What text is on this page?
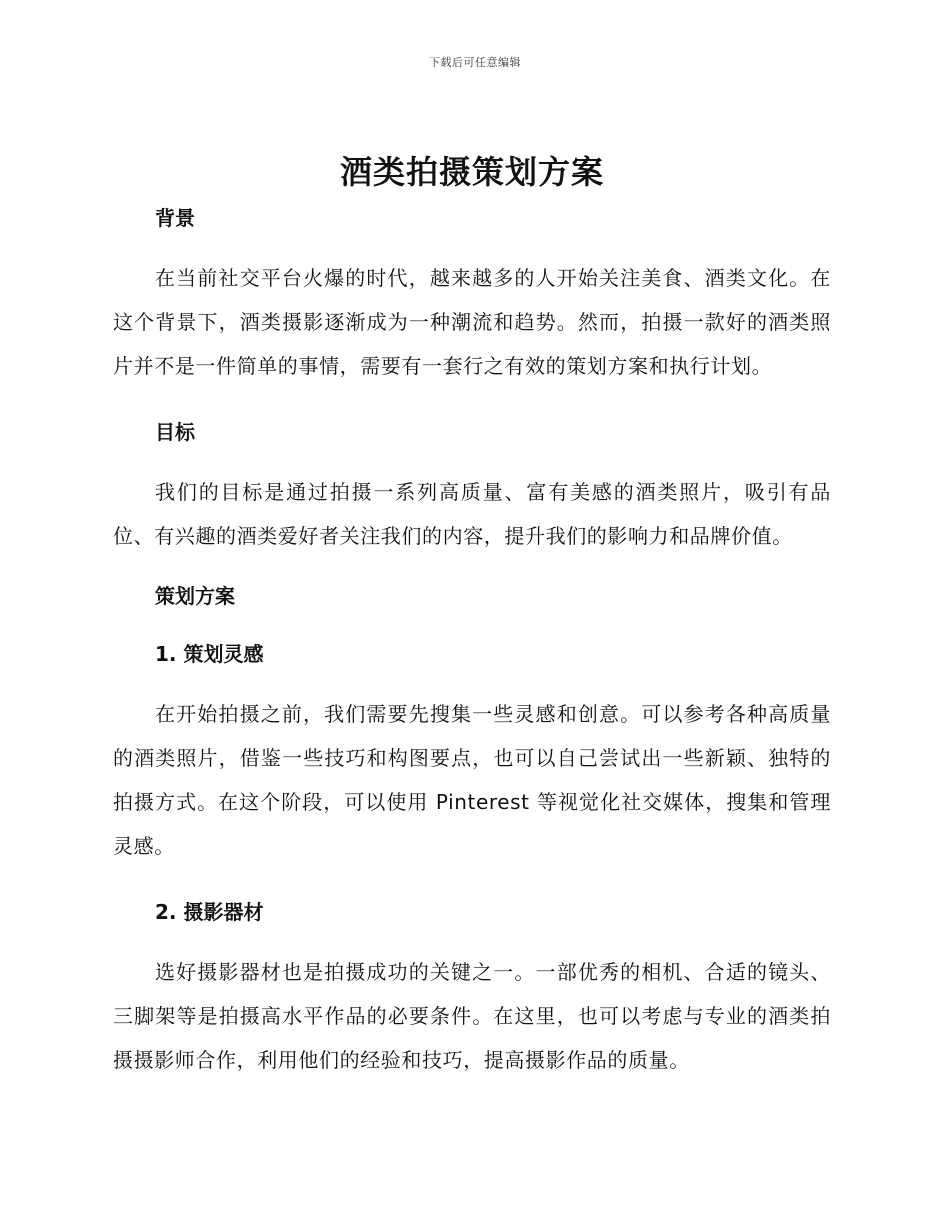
下载后可任意编辑
酒类拍摄策划方案

背景

在当前社交平台火爆的时代，越来越多的人开始关注美食、酒类文化。在这个背景下，酒类摄影逐渐成为一种潮流和趋势。然而，拍摄一款好的酒类照片并不是一件简单的事情，需要有一套行之有效的策划方案和执行计划。

目标

我们的目标是通过拍摄一系列高质量、富有美感的酒类照片，吸引有品位、有兴趣的酒类爱好者关注我们的内容，提升我们的影响力和品牌价值。

策划方案

1. 策划灵感

在开始拍摄之前，我们需要先搜集一些灵感和创意。可以参考各种高质量的酒类照片，借鉴一些技巧和构图要点，也可以自己尝试出一些新颖、独特的拍摄方式。在这个阶段，可以使用 Pinterest 等视觉化社交媒体，搜集和管理灵感。

2. 摄影器材

选好摄影器材也是拍摄成功的关键之一。一部优秀的相机、合适的镜头、三脚架等是拍摄高水平作品的必要条件。在这里，也可以考虑与专业的酒类拍摄摄影师合作，利用他们的经验和技巧，提高摄影作品的质量。
